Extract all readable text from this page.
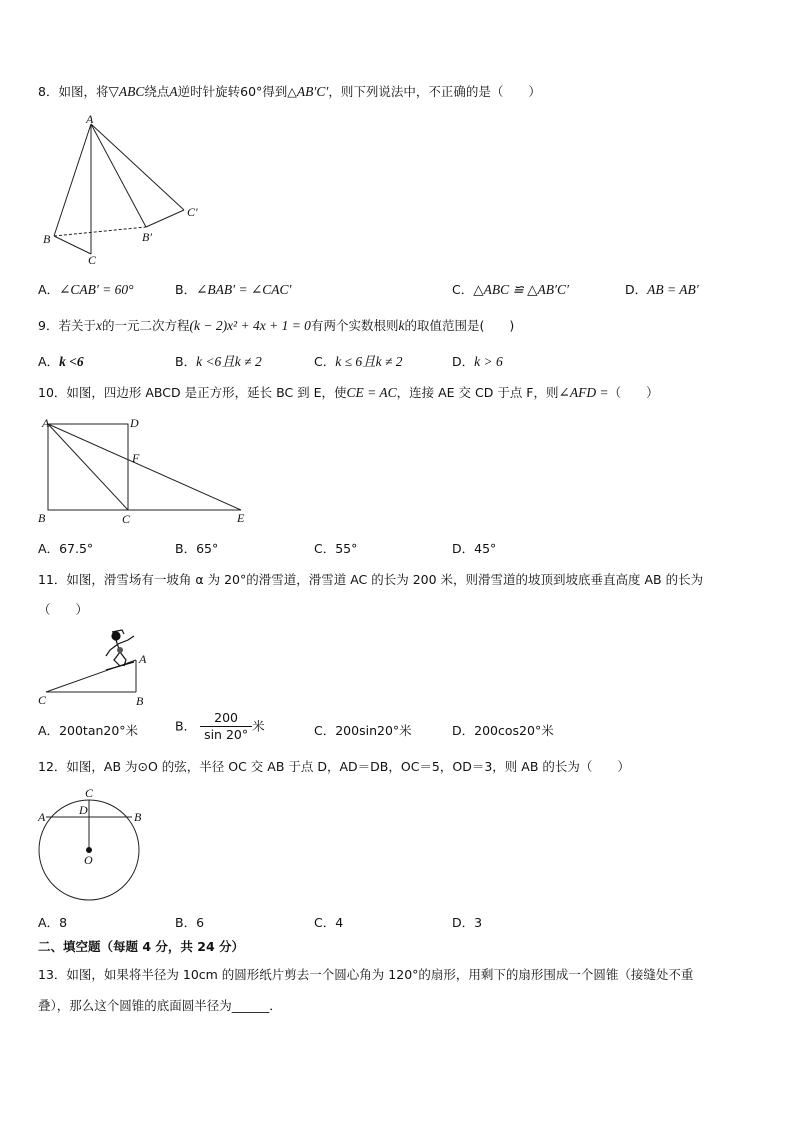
8．如图，将▽ABC绕点A逆时针旋转60°得到△AB′C′，则下列说法中，不正确的是（　　）
A
B
C
B′
C′
A．∠CAB′ = 60°	B．∠BAB′ = ∠CAC′	C．△ABC ≌ △AB′C′	D．AB = AB′
9．若关于x的一元二次方程(k − 2)x² + 4x + 1 = 0有两个实数根则k的取值范围是(　　)
A．k <6	B．k <6且k ≠ 2	C．k ≤ 6且k ≠ 2	D．k > 6
10．如图，四边形 ABCD 是正方形，延长 BC 到 E，使CE = AC，连接 AE 交 CD 于点 F，则∠AFD =（　　）
A	D
F
B	C	E
A．67.5°	B．65°	C．55°	D．45°
11．如图，滑雪场有一坡角 α 为 20°的滑雪道，滑雪道 AC 的长为 200 米，则滑雪道的坡顶到坡底垂直高度 AB 的长为
（　　）
A
C	B
A．200tan20°米	B． $\frac{200}{\sin 20^\circ}$ 米	C．200sin20°米	D．200cos20°米
12．如图，AB 为⊙O 的弦，半径 OC 交 AB 于点 D，AD＝DB，OC＝5，OD＝3，则 AB 的长为（　　）
C
A	D	B
O
A．8	B．6	C．4	D．3
二、填空题（每题 4 分，共 24 分）
13．如图，如果将半径为 10cm 的圆形纸片剪去一个圆心角为 120°的扇形，用剩下的扇形围成一个圆锥（接缝处不重
叠），那么这个圆锥的底面圆半径为______．
